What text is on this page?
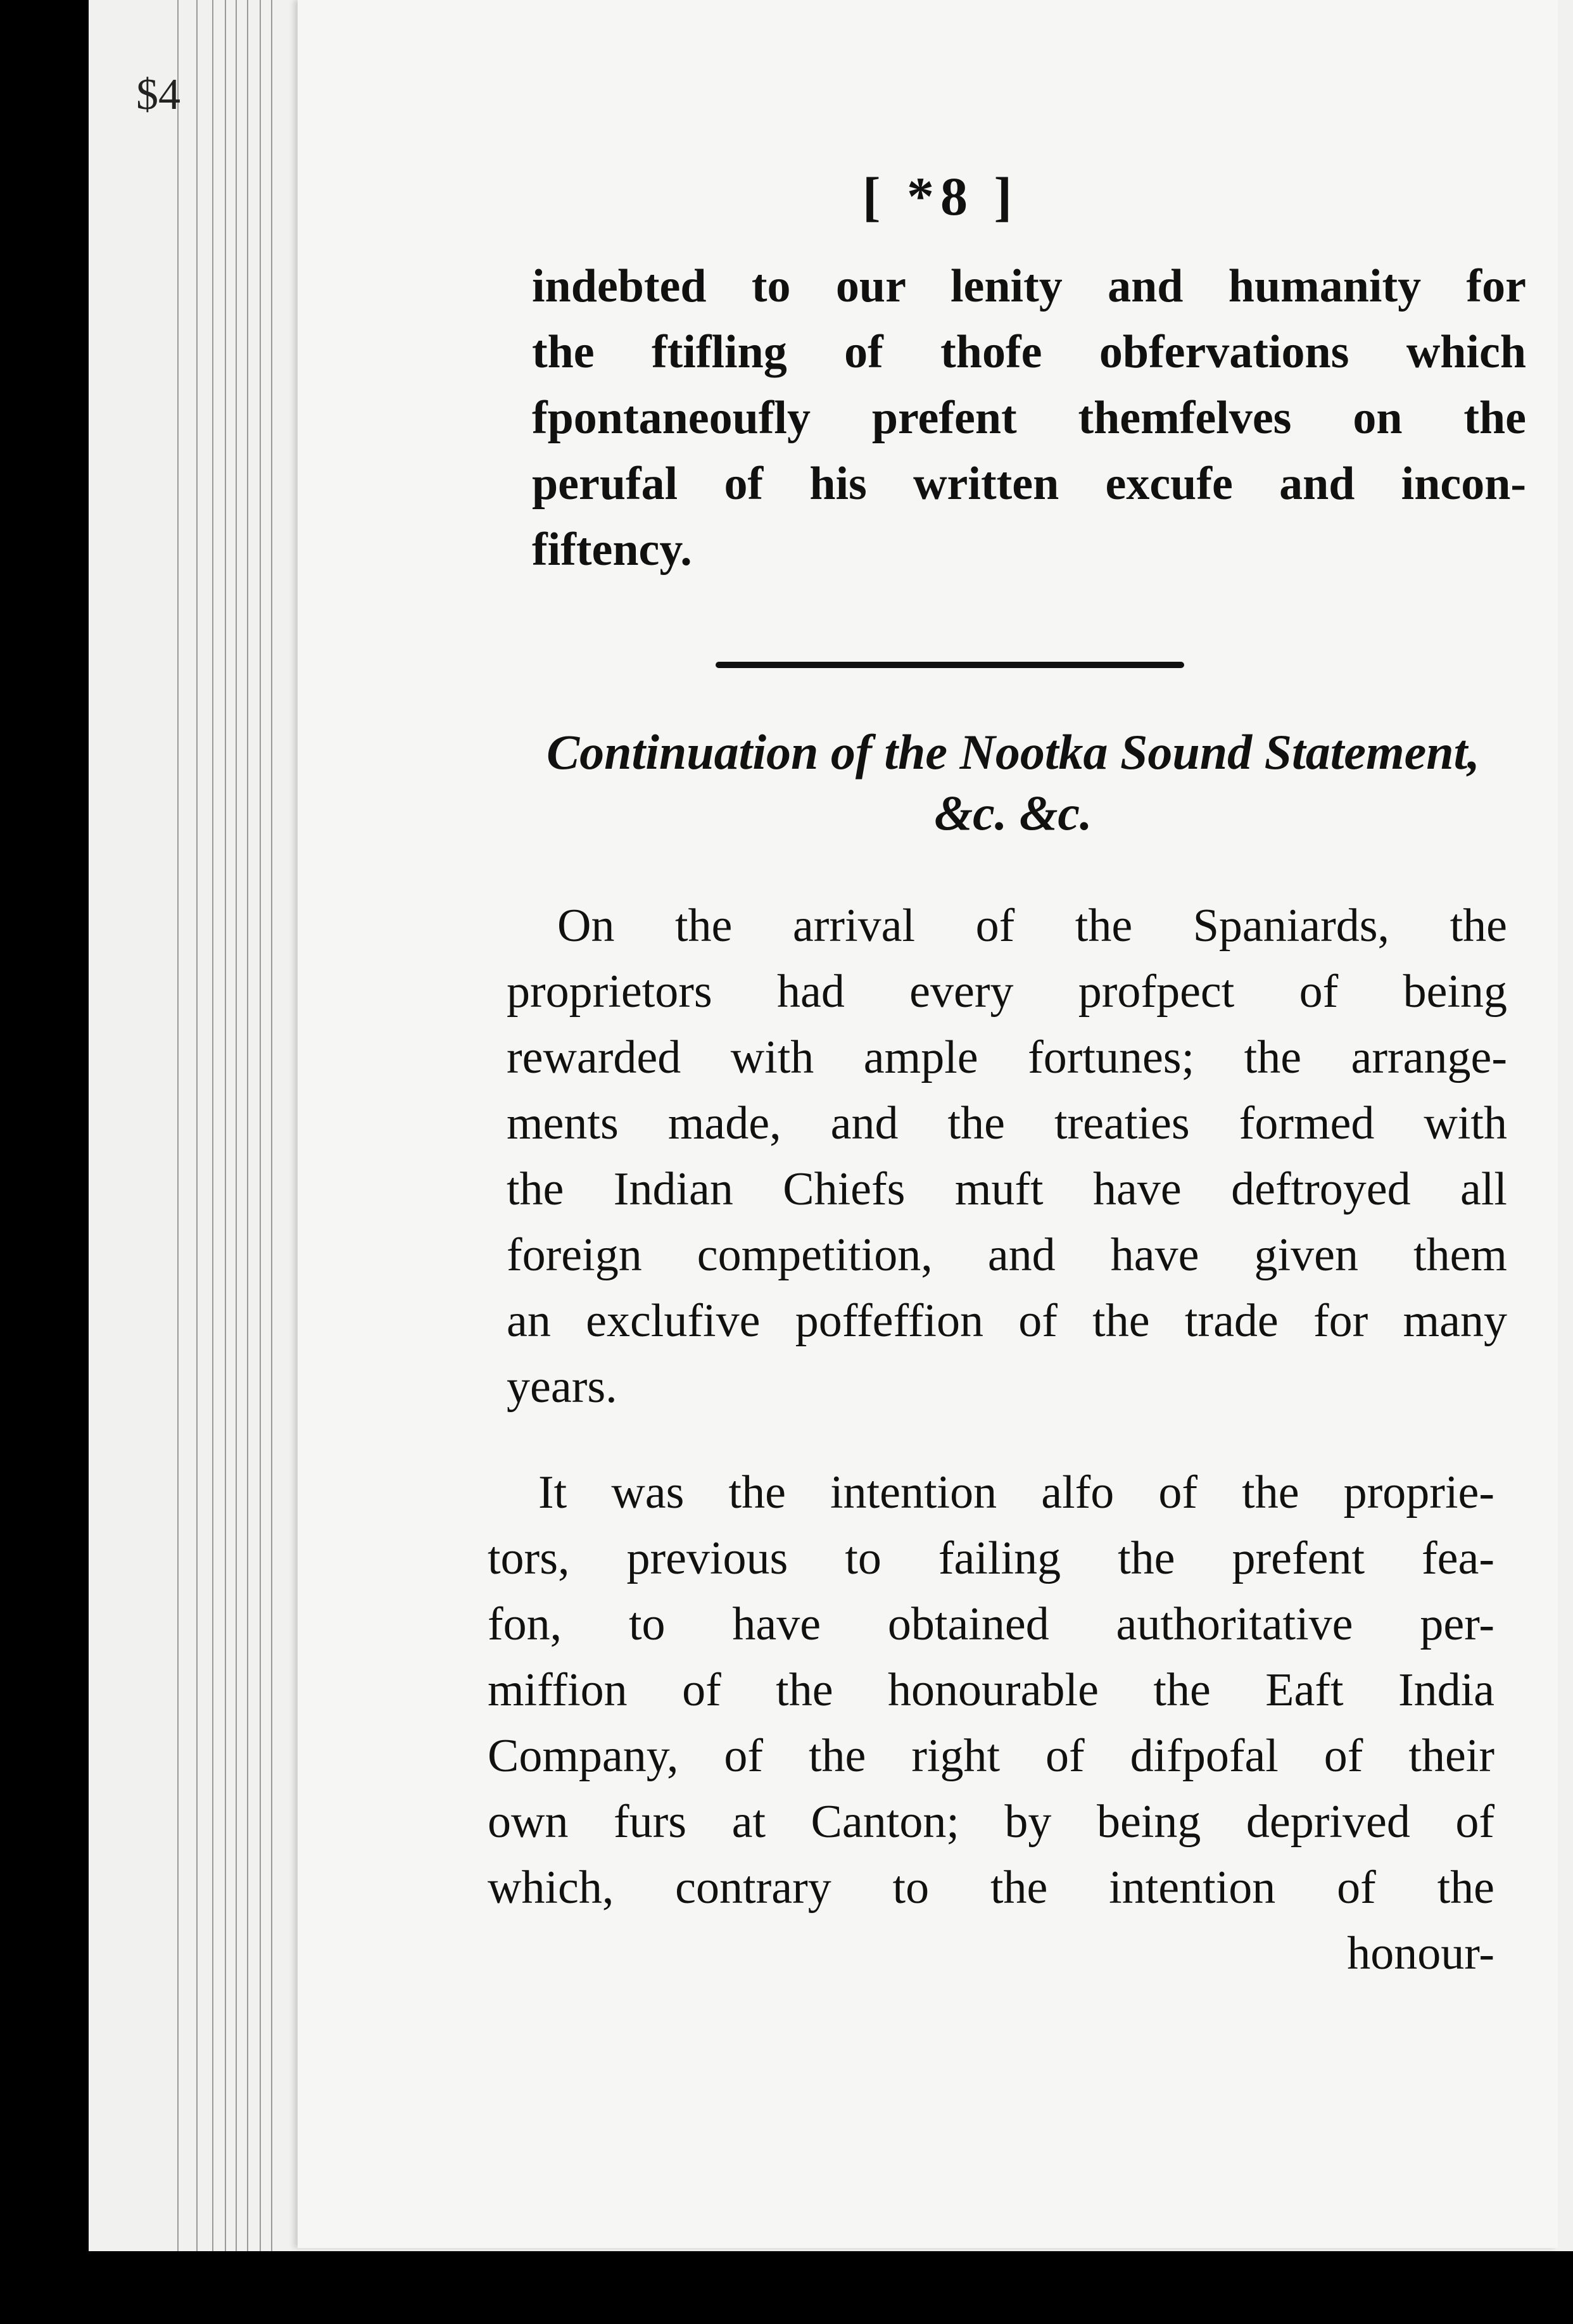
$4
[ *8 ]
indebted to our lenity and humanity for
the ftifling of thofe obfervations which
fpontaneoufly prefent themfelves on the
perufal of his written excufe and incon-
fiftency.
Continuation of the Nootka Sound Statement,
&c. &c.
On the arrival of the Spaniards, the
proprietors had every profpect of being
rewarded with ample fortunes; the arrange-
ments made, and the treaties formed with
the Indian Chiefs muft have deftroyed all
foreign competition, and have given them
an exclufive poffeffion of the trade for many
years.
It was the intention alfo of the proprie-
tors, previous to failing the prefent fea-
fon, to have obtained authoritative per-
miffion of the honourable the Eaft India
Company, of the right of difpofal of their
own furs at Canton; by being deprived of
which, contrary to the intention of the
honour-
